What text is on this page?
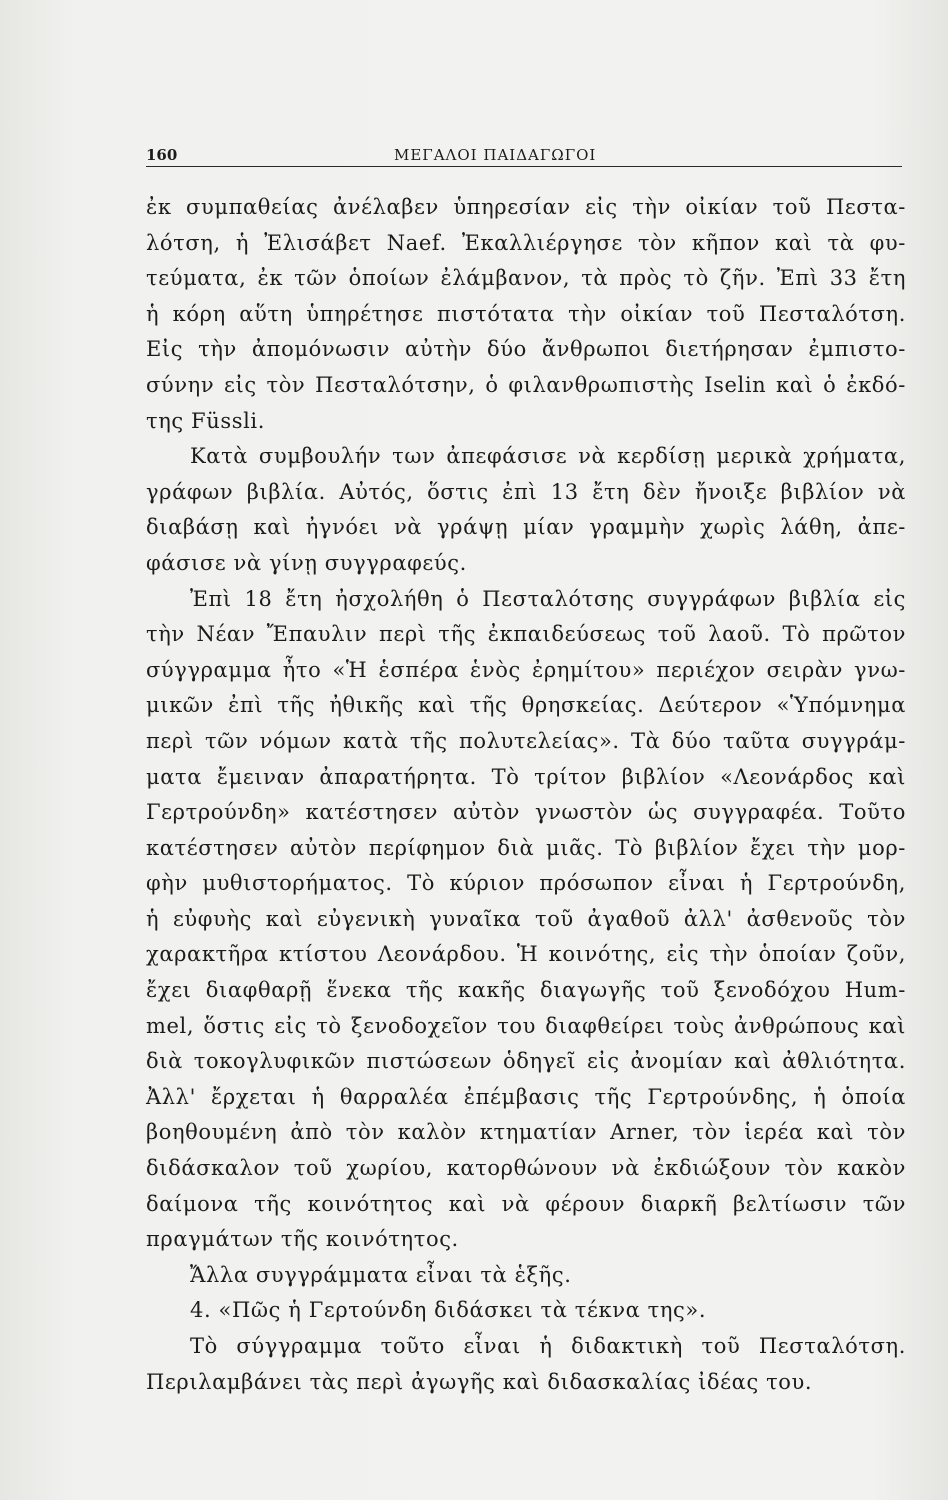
160	ΜΕΓΑΛΟΙ ΠΑΙΔΑΓΩΓΟΙ
ἐκ συμπαθείας ἀνέλαβεν ὑπηρεσίαν εἰς τὴν οἰκίαν τοῦ Πεστα-
λότση, ἡ Ἐλισάβετ Naef. Ἐκαλλιέργησε τὸν κῆπον καὶ τὰ φυ-
τεύματα, ἐκ τῶν ὁποίων ἐλάμβανον, τὰ πρὸς τὸ ζῆν. Ἐπὶ 33 ἔτη
ἡ κόρη αὕτη ὑπηρέτησε πιστότατα τὴν οἰκίαν τοῦ Πεσταλότση.
Εἰς τὴν ἀπομόνωσιν αὐτὴν δύο ἄνθρωποι διετήρησαν ἐμπιστο-
σύνην εἰς τὸν Πεσταλότσην, ὁ φιλανθρωπιστὴς Iselin καὶ ὁ ἐκδό-
της Füssli.
Κατὰ συμβουλήν των ἀπεφάσισε νὰ κερδίσῃ μερικὰ χρήματα,
γράφων βιβλία. Αὐτός, ὅστις ἐπὶ 13 ἔτη δὲν ἤνοιξε βιβλίον νὰ
διαβάσῃ καὶ ἠγνόει νὰ γράψῃ μίαν γραμμὴν χωρὶς λάθη, ἀπε-
φάσισε νὰ γίνῃ συγγραφεύς.
Ἐπὶ 18 ἔτη ἠσχολήθη ὁ Πεσταλότσης συγγράφων βιβλία εἰς
τὴν Νέαν Ἔπαυλιν περὶ τῆς ἐκπαιδεύσεως τοῦ λαοῦ. Τὸ πρῶτον
σύγγραμμα ἦτο «Ἡ ἑσπέρα ἑνὸς ἐρημίτου» περιέχον σειρὰν γνω-
μικῶν ἐπὶ τῆς ἠθικῆς καὶ τῆς θρησκείας. Δεύτερον «Ὑπόμνημα
περὶ τῶν νόμων κατὰ τῆς πολυτελείας». Τὰ δύο ταῦτα συγγράμ-
ματα ἔμειναν ἀπαρατήρητα. Τὸ τρίτον βιβλίον «Λεονάρδος καὶ
Γερτρούνδη» κατέστησεν αὐτὸν γνωστὸν ὡς συγγραφέα. Τοῦτο
κατέστησεν αὐτὸν περίφημον διὰ μιᾶς. Τὸ βιβλίον ἔχει τὴν μορ-
φὴν μυθιστορήματος. Τὸ κύριον πρόσωπον εἶναι ἡ Γερτρούνδη,
ἡ εὐφυὴς καὶ εὐγενικὴ γυναῖκα τοῦ ἀγαθοῦ ἀλλ' ἀσθενοῦς τὸν
χαρακτῆρα κτίστου Λεονάρδου. Ἡ κοινότης, εἰς τὴν ὁποίαν ζοῦν,
ἔχει διαφθαρῇ ἕνεκα τῆς κακῆς διαγωγῆς τοῦ ξενοδόχου Hum-
mel, ὅστις εἰς τὸ ξενοδοχεῖον του διαφθείρει τοὺς ἀνθρώπους καὶ
διὰ τοκογλυφικῶν πιστώσεων ὁδηγεῖ εἰς ἀνομίαν καὶ ἀθλιότητα.
Ἀλλ' ἔρχεται ἡ θαρραλέα ἐπέμβασις τῆς Γερτρούνδης, ἡ ὁποία
βοηθουμένη ἀπὸ τὸν καλὸν κτηματίαν Arner, τὸν ἱερέα καὶ τὸν
διδάσκαλον τοῦ χωρίου, κατορθώνουν νὰ ἐκδιώξουν τὸν κακὸν
δαίμονα τῆς κοινότητος καὶ νὰ φέρουν διαρκῆ βελτίωσιν τῶν
πραγμάτων τῆς κοινότητος.
Ἄλλα συγγράμματα εἶναι τὰ ἑξῆς.
4. «Πῶς ἡ Γερτούνδη διδάσκει τὰ τέκνα της».
Τὸ σύγγραμμα τοῦτο εἶναι ἡ διδακτικὴ τοῦ Πεσταλότση.
Περιλαμβάνει τὰς περὶ ἀγωγῆς καὶ διδασκαλίας ἰδέας του.
